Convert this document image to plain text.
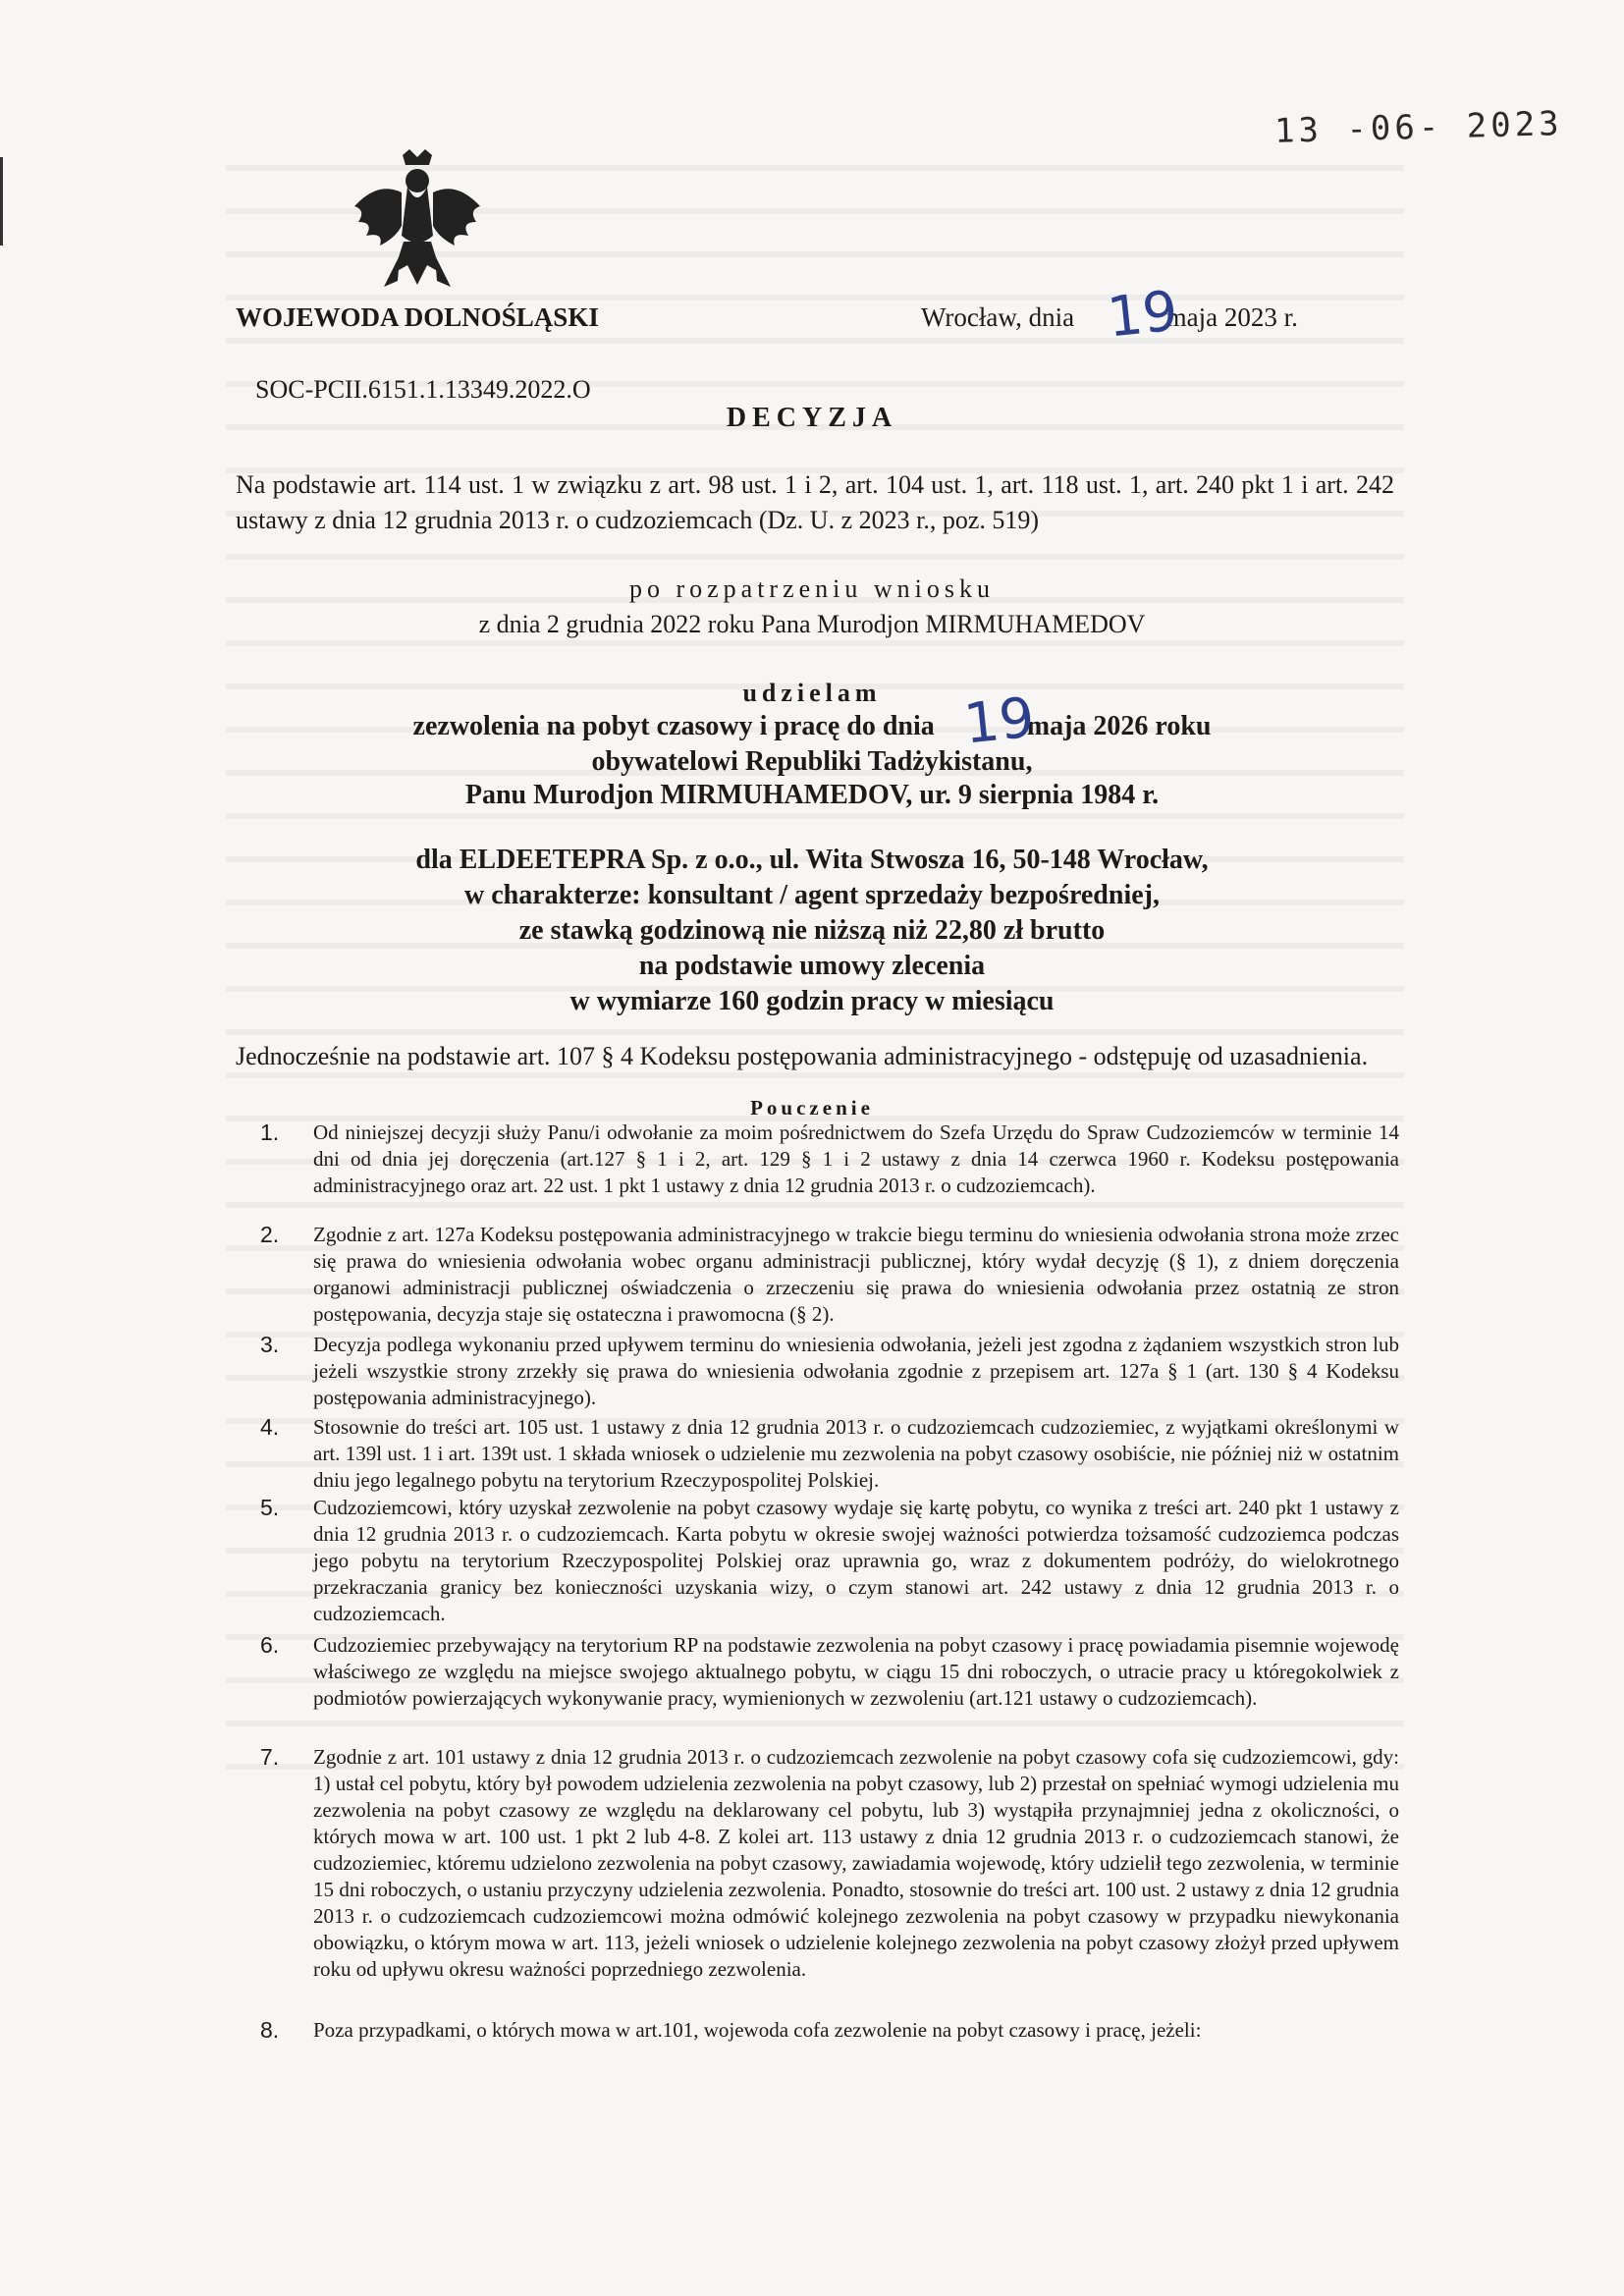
13 -06- 2023
WOJEWODA DOLNOŚLĄSKI	Wrocław, dnia	maja 2023 r.
19
SOC-PCII.6151.1.13349.2022.O
DECYZJA
Na podstawie art. 114 ust. 1 w związku z art. 98 ust. 1 i 2, art. 104 ust. 1, art. 118 ust. 1, art. 240 pkt 1 i art. 242 ustawy z dnia 12 grudnia 2013 r. o cudzoziemcach (Dz. U. z 2023 r., poz. 519)
po rozpatrzeniu wniosku
z dnia 2 grudnia 2022 roku Pana Murodjon MIRMUHAMEDOV
udzielam
zezwolenia na pobyt czasowy i pracę do dnia	maja 2026 roku
19
obywatelowi Republiki Tadżykistanu,
Panu Murodjon MIRMUHAMEDOV, ur. 9 sierpnia 1984 r.
dla ELDEETEPRA Sp. z o.o., ul. Wita Stwosza 16, 50-148 Wrocław,
w charakterze: konsultant / agent sprzedaży bezpośredniej,
ze stawką godzinową nie niższą niż 22,80 zł brutto
na podstawie umowy zlecenia
w wymiarze 160 godzin pracy w miesiącu
Jednocześnie na podstawie art. 107 § 4 Kodeksu postępowania administracyjnego - odstępuję od uzasadnienia.
Pouczenie
1. Od niniejszej decyzji służy Panu/i odwołanie za moim pośrednictwem do Szefa Urzędu do Spraw Cudzoziemców w terminie 14 dni od dnia jej doręczenia (art.127 § 1 i 2, art. 129 § 1 i 2 ustawy z dnia 14 czerwca 1960 r. Kodeksu postępowania administracyjnego oraz art. 22 ust. 1 pkt 1 ustawy z dnia 12 grudnia 2013 r. o cudzoziemcach).
2. Zgodnie z art. 127a Kodeksu postępowania administracyjnego w trakcie biegu terminu do wniesienia odwołania strona może zrzec się prawa do wniesienia odwołania wobec organu administracji publicznej, który wydał decyzję (§ 1), z dniem doręczenia organowi administracji publicznej oświadczenia o zrzeczeniu się prawa do wniesienia odwołania przez ostatnią ze stron postępowania, decyzja staje się ostateczna i prawomocna (§ 2).
3. Decyzja podlega wykonaniu przed upływem terminu do wniesienia odwołania, jeżeli jest zgodna z żądaniem wszystkich stron lub jeżeli wszystkie strony zrzekły się prawa do wniesienia odwołania zgodnie z przepisem art. 127a § 1 (art. 130 § 4 Kodeksu postępowania administracyjnego).
4. Stosownie do treści art. 105 ust. 1 ustawy z dnia 12 grudnia 2013 r. o cudzoziemcach cudzoziemiec, z wyjątkami określonymi w art. 139l ust. 1 i art. 139t ust. 1 składa wniosek o udzielenie mu zezwolenia na pobyt czasowy osobiście, nie później niż w ostatnim dniu jego legalnego pobytu na terytorium Rzeczypospolitej Polskiej.
5. Cudzoziemcowi, który uzyskał zezwolenie na pobyt czasowy wydaje się kartę pobytu, co wynika z treści art. 240 pkt 1 ustawy z dnia 12 grudnia 2013 r. o cudzoziemcach. Karta pobytu w okresie swojej ważności potwierdza tożsamość cudzoziemca podczas jego pobytu na terytorium Rzeczypospolitej Polskiej oraz uprawnia go, wraz z dokumentem podróży, do wielokrotnego przekraczania granicy bez konieczności uzyskania wizy, o czym stanowi art. 242 ustawy z dnia 12 grudnia 2013 r. o cudzoziemcach.
6. Cudzoziemiec przebywający na terytorium RP na podstawie zezwolenia na pobyt czasowy i pracę powiadamia pisemnie wojewodę właściwego ze względu na miejsce swojego aktualnego pobytu, w ciągu 15 dni roboczych, o utracie pracy u któregokolwiek z podmiotów powierzających wykonywanie pracy, wymienionych w zezwoleniu (art.121 ustawy o cudzoziemcach).
7. Zgodnie z art. 101 ustawy z dnia 12 grudnia 2013 r. o cudzoziemcach zezwolenie na pobyt czasowy cofa się cudzoziemcowi, gdy: 1) ustał cel pobytu, który był powodem udzielenia zezwolenia na pobyt czasowy, lub 2) przestał on spełniać wymogi udzielenia mu zezwolenia na pobyt czasowy ze względu na deklarowany cel pobytu, lub 3) wystąpiła przynajmniej jedna z okoliczności, o których mowa w art. 100 ust. 1 pkt 2 lub 4-8. Z kolei art. 113 ustawy z dnia 12 grudnia 2013 r. o cudzoziemcach stanowi, że cudzoziemiec, któremu udzielono zezwolenia na pobyt czasowy, zawiadamia wojewodę, który udzielił tego zezwolenia, w terminie 15 dni roboczych, o ustaniu przyczyny udzielenia zezwolenia. Ponadto, stosownie do treści art. 100 ust. 2 ustawy z dnia 12 grudnia 2013 r. o cudzoziemcach cudzoziemcowi można odmówić kolejnego zezwolenia na pobyt czasowy w przypadku niewykonania obowiązku, o którym mowa w art. 113, jeżeli wniosek o udzielenie kolejnego zezwolenia na pobyt czasowy złożył przed upływem roku od upływu okresu ważności poprzedniego zezwolenia.
8. Poza przypadkami, o których mowa w art.101, wojewoda cofa zezwolenie na pobyt czasowy i pracę, jeżeli:
